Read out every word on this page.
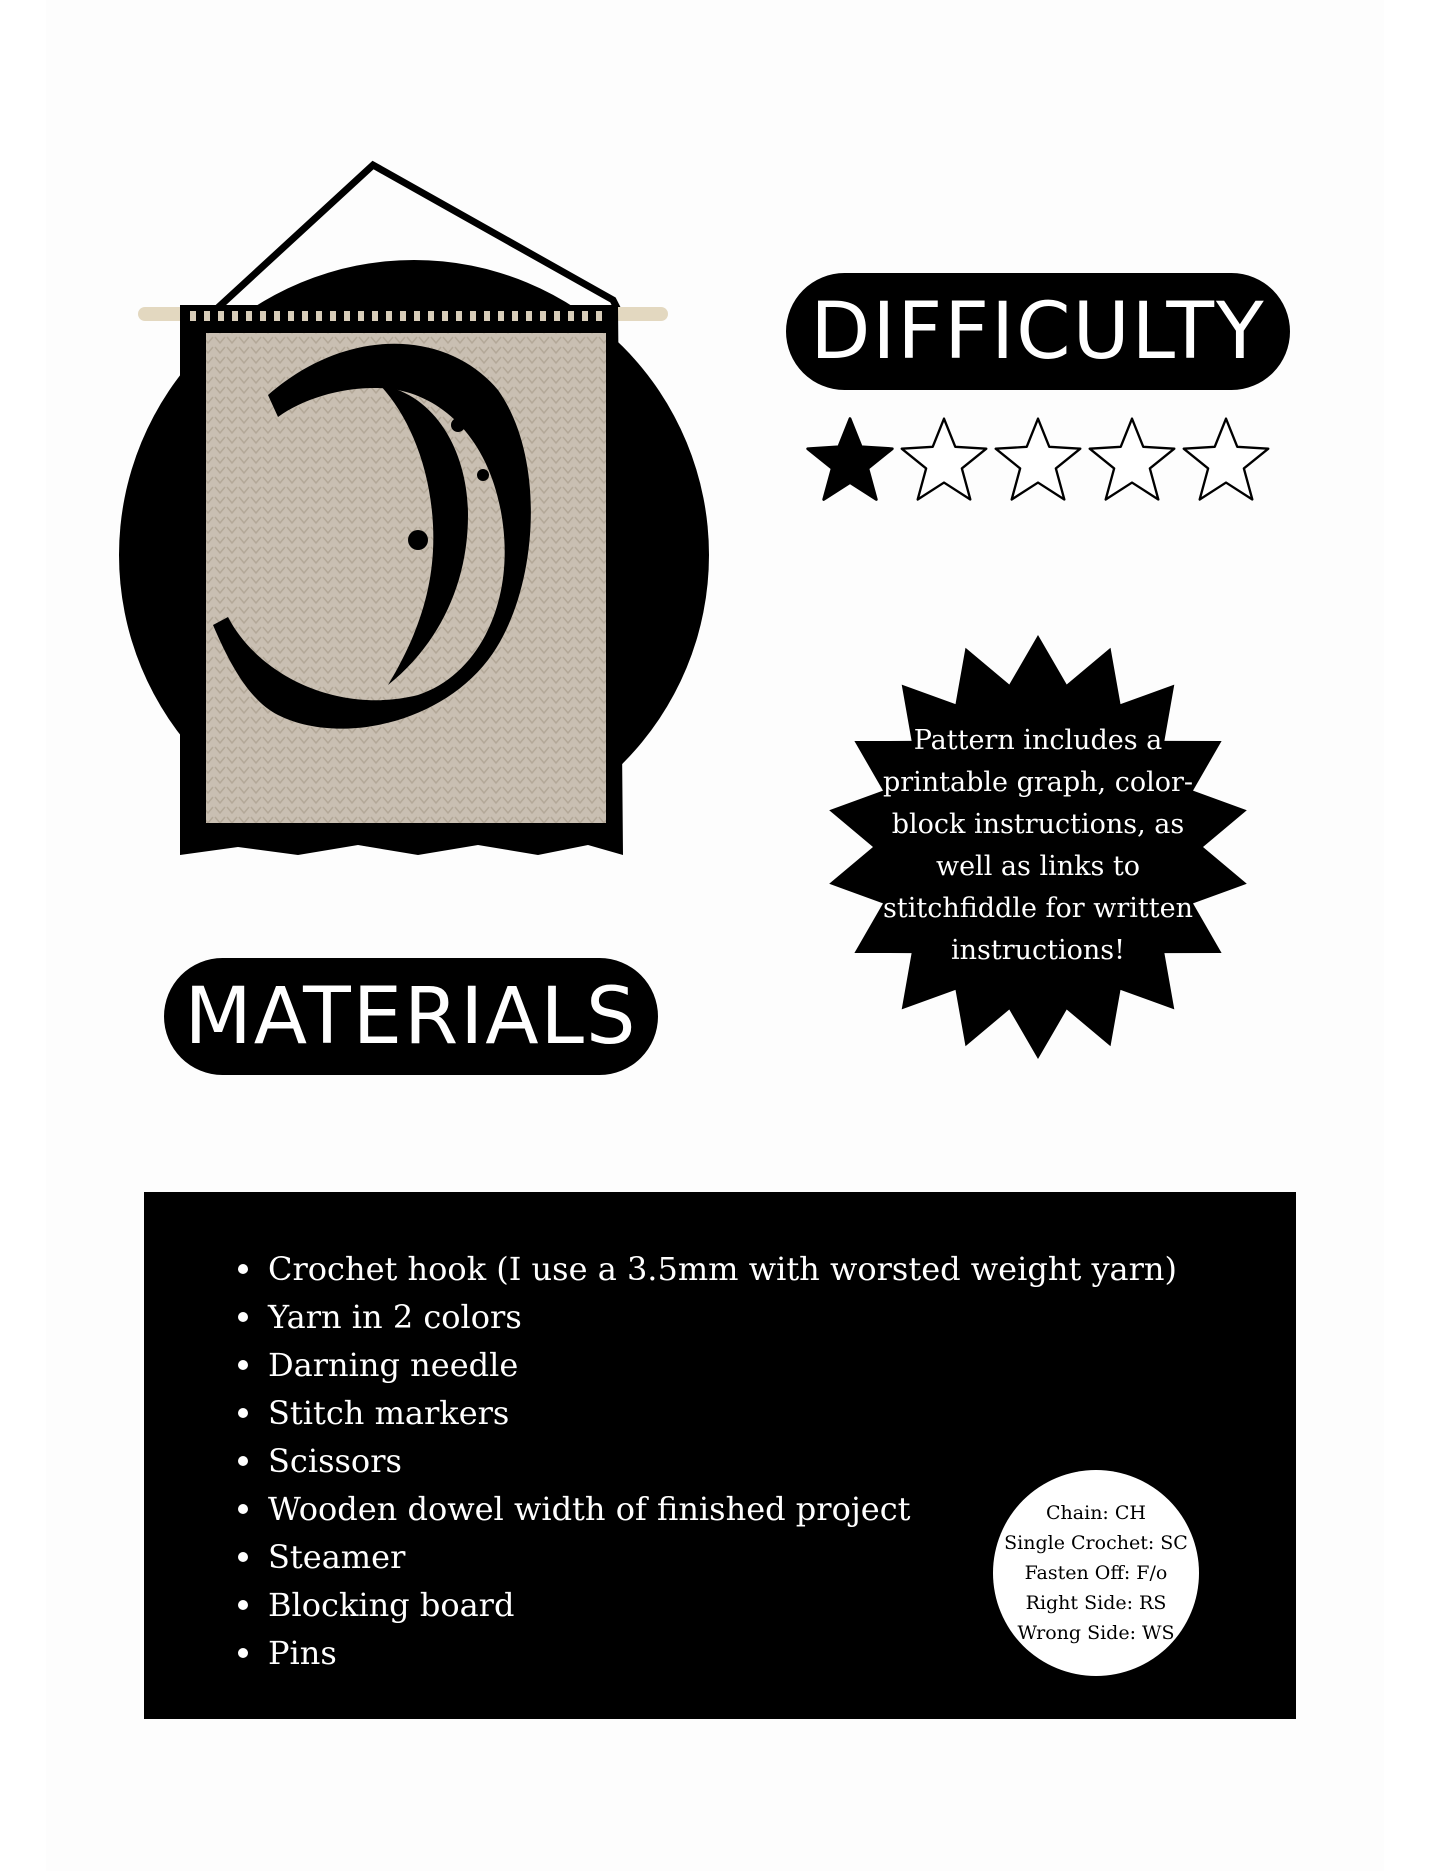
DIFFICULTY
Pattern includes a
printable graph, color-
block instructions, as
well as links to
stitchfiddle for written
instructions!
MATERIALS
Crochet hook (I use a 3.5mm with worsted weight yarn)
Yarn in 2 colors
Darning needle
Stitch markers
Scissors
Wooden dowel width of finished project
Steamer
Blocking board
Pins
Chain: CH
Single Crochet: SC
Fasten Off: F/o
Right Side: RS
Wrong Side: WS
